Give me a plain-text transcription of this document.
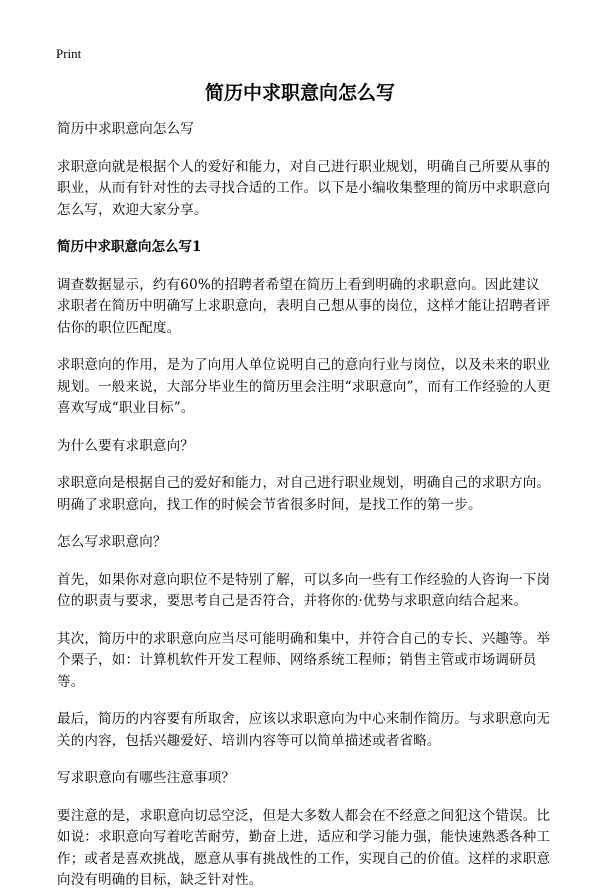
Print
简历中求职意向怎么写

简历中求职意向怎么写

求职意向就是根据个人的爱好和能力，对自己进行职业规划，明确自己所要从事的职业，从而有针对性的去寻找合适的工作。以下是小编收集整理的简历中求职意向怎么写，欢迎大家分享。

简历中求职意向怎么写1

调查数据显示，约有60%的招聘者希望在简历上看到明确的求职意向。因此建议求职者在简历中明确写上求职意向，表明自己想从事的岗位，这样才能让招聘者评估你的职位匹配度。

求职意向的作用，是为了向用人单位说明自己的意向行业与岗位，以及未来的职业规划。一般来说，大部分毕业生的简历里会注明“求职意向”，而有工作经验的人更喜欢写成“职业目标”。

为什么要有求职意向？

求职意向是根据自己的爱好和能力，对自己进行职业规划，明确自己的求职方向。明确了求职意向，找工作的时候会节省很多时间，是找工作的第一步。

怎么写求职意向？

首先，如果你对意向职位不是特别了解，可以多向一些有工作经验的人咨询一下岗位的职责与要求，要思考自己是否符合，并将你的·优势与求职意向结合起来。

其次，简历中的求职意向应当尽可能明确和集中，并符合自己的专长、兴趣等。举个栗子，如：计算机软件开发工程师、网络系统工程师；销售主管或市场调研员等。

最后，简历的内容要有所取舍，应该以求职意向为中心来制作简历。与求职意向无关的内容，包括兴趣爱好、培训内容等可以简单描述或者省略。

写求职意向有哪些注意事项？

要注意的是，求职意向切忌空泛，但是大多数人都会在不经意之间犯这个错误。比如说：求职意向写着吃苦耐劳，勤奋上进，适应和学习能力强，能快速熟悉各种工作；或者是喜欢挑战，愿意从事有挑战性的工作，实现自己的价值。这样的求职意向没有明确的目标，缺乏针对性。
